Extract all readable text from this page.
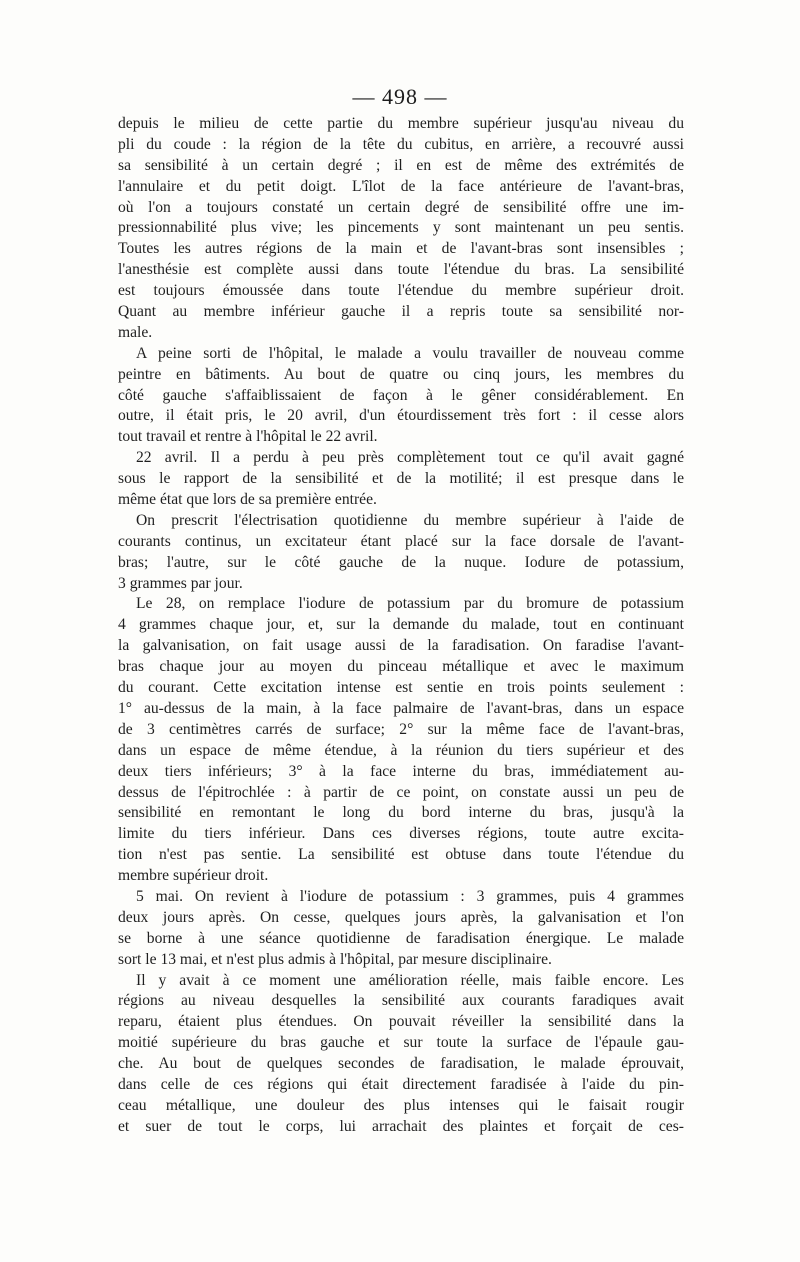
— 498 —
depuis le milieu de cette partie du membre supérieur jusqu'au niveau du
pli du coude : la région de la tête du cubitus, en arrière, a recouvré aussi
sa sensibilité à un certain degré ; il en est de même des extrémités de
l'annulaire et du petit doigt. L'îlot de la face antérieure de l'avant-bras,
où l'on a toujours constaté un certain degré de sensibilité offre une im-
pressionnabilité plus vive; les pincements y sont maintenant un peu sentis.
Toutes les autres régions de la main et de l'avant-bras sont insensibles ;
l'anesthésie est complète aussi dans toute l'étendue du bras. La sensibilité
est toujours émoussée dans toute l'étendue du membre supérieur droit.
Quant au membre inférieur gauche il a repris toute sa sensibilité nor-
male.
A peine sorti de l'hôpital, le malade a voulu travailler de nouveau comme
peintre en bâtiments. Au bout de quatre ou cinq jours, les membres du
côté gauche s'affaiblissaient de façon à le gêner considérablement. En
outre, il était pris, le 20 avril, d'un étourdissement très fort : il cesse alors
tout travail et rentre à l'hôpital le 22 avril.
22 avril. Il a perdu à peu près complètement tout ce qu'il avait gagné
sous le rapport de la sensibilité et de la motilité; il est presque dans le
même état que lors de sa première entrée.
On prescrit l'électrisation quotidienne du membre supérieur à l'aide de
courants continus, un excitateur étant placé sur la face dorsale de l'avant-
bras; l'autre, sur le côté gauche de la nuque. Iodure de potassium,
3 grammes par jour.
Le 28, on remplace l'iodure de potassium par du bromure de potassium
4 grammes chaque jour, et, sur la demande du malade, tout en continuant
la galvanisation, on fait usage aussi de la faradisation. On faradise l'avant-
bras chaque jour au moyen du pinceau métallique et avec le maximum
du courant. Cette excitation intense est sentie en trois points seulement :
1° au-dessus de la main, à la face palmaire de l'avant-bras, dans un espace
de 3 centimètres carrés de surface; 2° sur la même face de l'avant-bras,
dans un espace de même étendue, à la réunion du tiers supérieur et des
deux tiers inférieurs; 3° à la face interne du bras, immédiatement au-
dessus de l'épitrochlée : à partir de ce point, on constate aussi un peu de
sensibilité en remontant le long du bord interne du bras, jusqu'à la
limite du tiers inférieur. Dans ces diverses régions, toute autre excita-
tion n'est pas sentie. La sensibilité est obtuse dans toute l'étendue du
membre supérieur droit.
5 mai. On revient à l'iodure de potassium : 3 grammes, puis 4 grammes
deux jours après. On cesse, quelques jours après, la galvanisation et l'on
se borne à une séance quotidienne de faradisation énergique. Le malade
sort le 13 mai, et n'est plus admis à l'hôpital, par mesure disciplinaire.
Il y avait à ce moment une amélioration réelle, mais faible encore. Les
régions au niveau desquelles la sensibilité aux courants faradiques avait
reparu, étaient plus étendues. On pouvait réveiller la sensibilité dans la
moitié supérieure du bras gauche et sur toute la surface de l'épaule gau-
che. Au bout de quelques secondes de faradisation, le malade éprouvait,
dans celle de ces régions qui était directement faradisée à l'aide du pin-
ceau métallique, une douleur des plus intenses qui le faisait rougir
et suer de tout le corps, lui arrachait des plaintes et forçait de ces-
